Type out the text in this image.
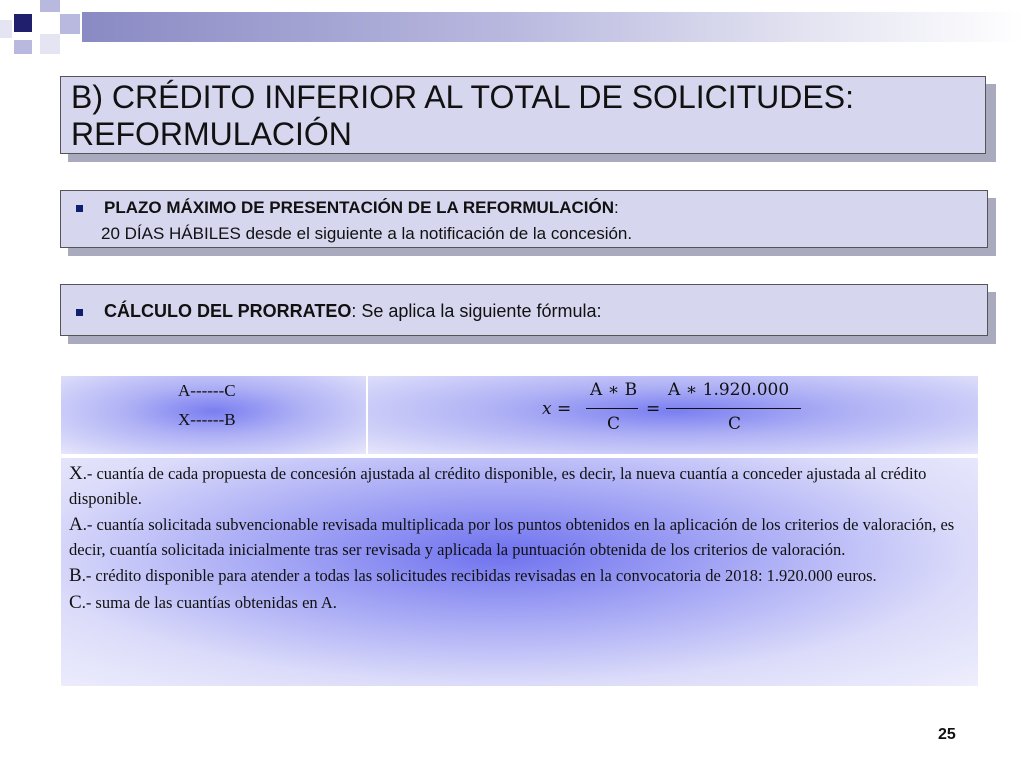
B) CRÉDITO INFERIOR AL TOTAL DE SOLICITUDES:
REFORMULACIÓN
PLAZO MÁXIMO DE PRESENTACIÓN DE LA REFORMULACIÓN:
20 DÍAS HÁBILES desde el siguiente a la notificación de la concesión.
CÁLCULO DEL PRORRATEO: Se aplica la siguiente fórmula:
A------C
X------B
𝑥 =
A ∗ B
C
=
A ∗ 1.920.000
C

X.- cuantía de cada propuesta de concesión ajustada al crédito disponible, es decir, la nueva cuantía a conceder ajustada al crédito disponible.

A.- cuantía solicitada subvencionable revisada multiplicada por los puntos obtenidos en la aplicación de los criterios de valoración, es decir, cuantía solicitada inicialmente tras ser revisada y aplicada la puntuación obtenida de los criterios de valoración.

B.- crédito disponible para atender a todas las solicitudes recibidas revisadas en la convocatoria de 2018: 1.920.000 euros.

C.- suma de las cuantías obtenidas en A.

25
